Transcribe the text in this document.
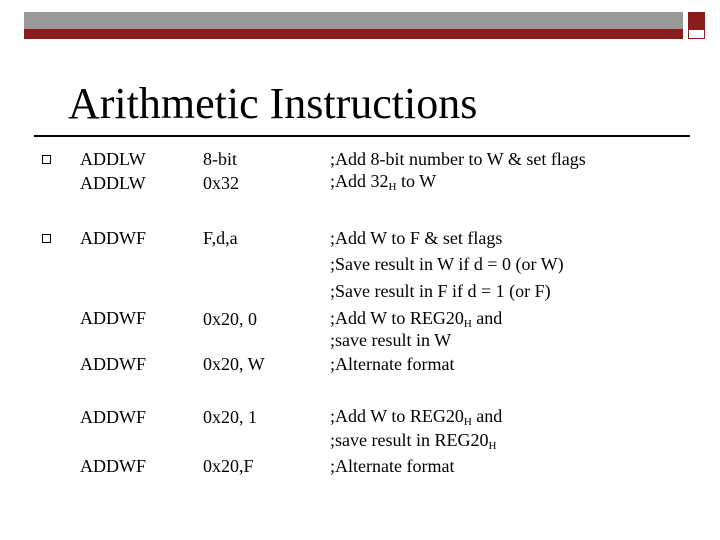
Arithmetic Instructions
ADDLW	8-bit	;Add 8-bit number to W & set flags
ADDLW	0x32	;Add $32_H$ to W
ADDWF	F,d,a	;Add W to F & set flags
;Save result in W if d = 0 (or W)
;Save result in F if d = 1 (or F)
ADDWF	0x20, 0	;Add W to $REG20_H$ and
;save result in W
ADDWF	0x20, W	;Alternate format
ADDWF	0x20, 1	;Add W to $REG20_H$ and
;save result in $REG20_H$
ADDWF	0x20,F	;Alternate format
